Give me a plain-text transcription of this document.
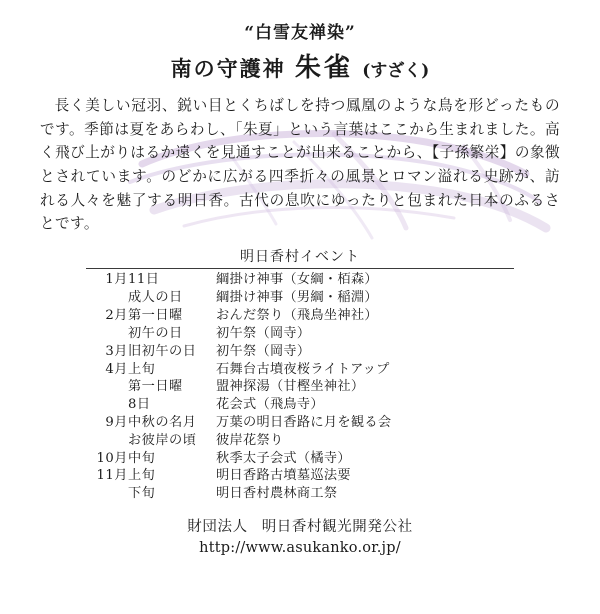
“白雪友禅染”
南の守護神 朱雀 (すざく)

長く美しい冠羽、鋭い目とくちばしを持つ鳳凰のような鳥を形どったものです。季節は夏をあらわし、「朱夏」という言葉はここから生まれました。高く飛び上がりはるか遠くを見通すことが出来ることから、【子孫繁栄】の象徴とされています。のどかに広がる四季折々の風景とロマン溢れる史跡が、訪れる人々を魅了する明日香。古代の息吹にゆったりと包まれた日本のふるさとです。

明日香村イベント
1月	11日	綱掛け神事（女綱・栢森）
	成人の日	綱掛け神事（男綱・稲淵）
2月	第一日曜	おんだ祭り（飛鳥坐神社）
	初午の日	初午祭（岡寺）
3月	旧初午の日	初午祭（岡寺）
4月	上旬	石舞台古墳夜桜ライトアップ
	第一日曜	盟神探湯（甘樫坐神社）
	8日	花会式（飛鳥寺）
9月	中秋の名月	万葉の明日香路に月を観る会
	お彼岸の頃	彼岸花祭り
10月	中旬	秋季太子会式（橘寺）
11月	上旬	明日香路古墳墓巡法要
	下旬	明日香村農林商工祭
財団法人 明日香村観光開発公社
http://www.asukanko.or.jp/
